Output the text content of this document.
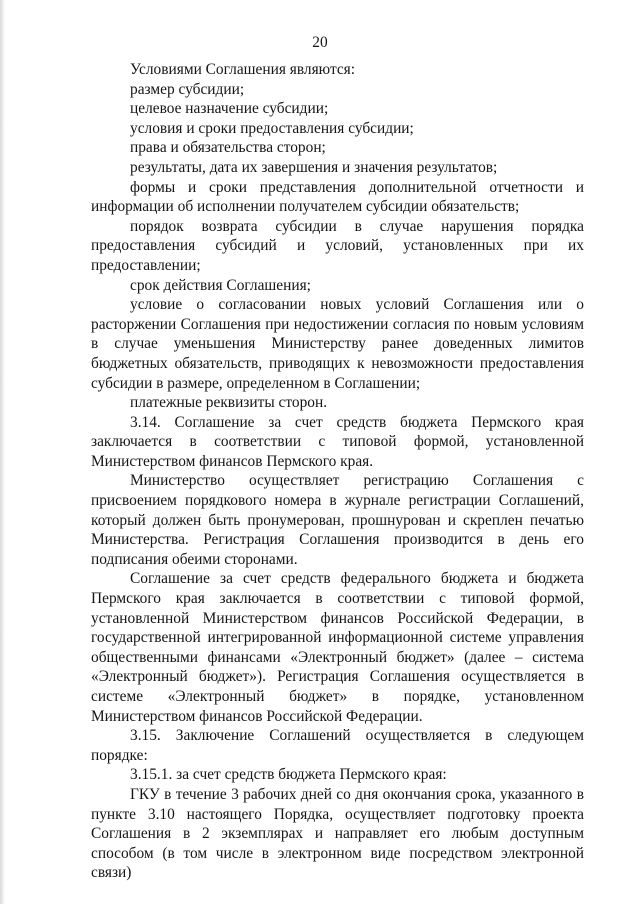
20

Условиями Соглашения являются:

размер субсидии;

целевое назначение субсидии;

условия и сроки предоставления субсидии;

права и обязательства сторон;

результаты, дата их завершения и значения результатов;

формы и сроки представления дополнительной отчетности и информации об исполнении получателем субсидии обязательств;

порядок возврата субсидии в случае нарушения порядка предоставления субсидий и условий, установленных при их предоставлении;

срок действия Соглашения;

условие о согласовании новых условий Соглашения или о расторжении Соглашения при недостижении согласия по новым условиям в случае уменьшения Министерству ранее доведенных лимитов бюджетных обязательств, приводящих к невозможности предоставления субсидии в размере, определенном в Соглашении;

платежные реквизиты сторон.

3.14. Соглашение за счет средств бюджета Пермского края заключается в соответствии с типовой формой, установленной Министерством финансов Пермского края.

Министерство осуществляет регистрацию Соглашения с присвоением порядкового номера в журнале регистрации Соглашений, который должен быть пронумерован, прошнурован и скреплен печатью Министерства. Регистрация Соглашения производится в день его подписания обеими сторонами.

Соглашение за счет средств федерального бюджета и бюджета Пермского края заключается в соответствии с типовой формой, установленной Министерством финансов Российской Федерации, в государственной интегрированной информационной системе управления общественными финансами «Электронный бюджет» (далее – система «Электронный бюджет»). Регистрация Соглашения осуществляется в системе «Электронный бюджет» в порядке, установленном Министерством финансов Российской Федерации.

3.15. Заключение Соглашений осуществляется в следующем порядке:

3.15.1. за счет средств бюджета Пермского края:

ГКУ в течение 3 рабочих дней со дня окончания срока, указанного в пункте 3.10 настоящего Порядка, осуществляет подготовку проекта Соглашения в 2 экземплярах и направляет его любым доступным способом (в том числе в электронном виде посредством электронной связи)
